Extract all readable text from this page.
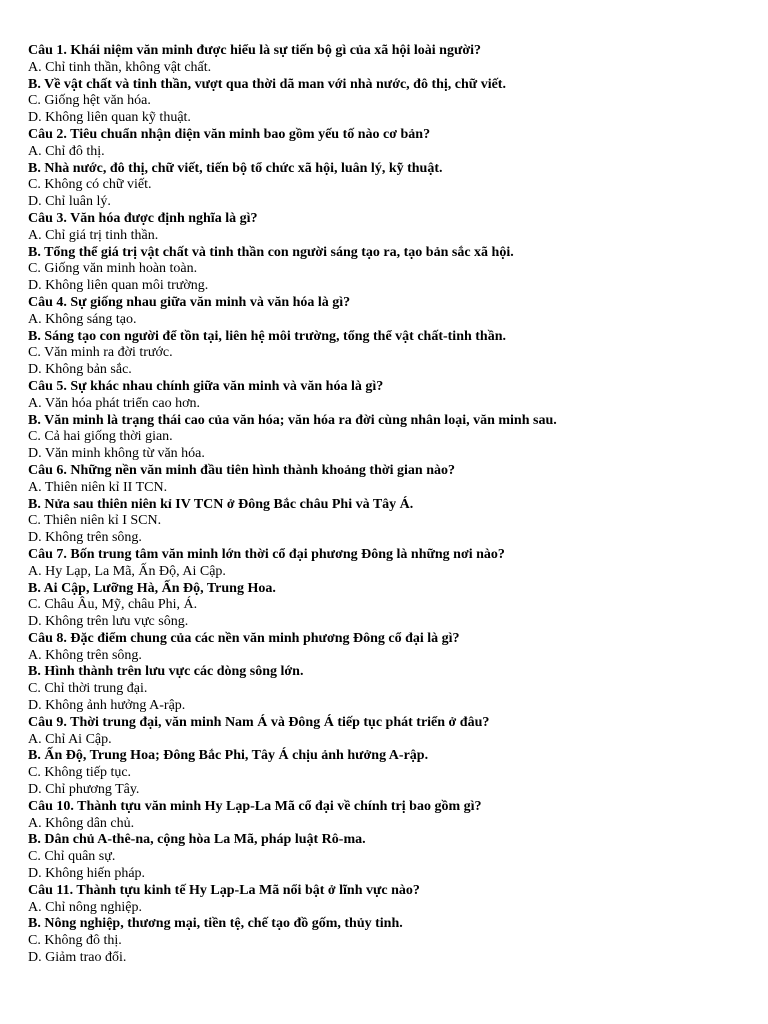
Câu 1. Khái niệm văn minh được hiểu là sự tiến bộ gì của xã hội loài người?
A. Chỉ tinh thần, không vật chất.
B. Về vật chất và tinh thần, vượt qua thời dã man với nhà nước, đô thị, chữ viết.
C. Giống hệt văn hóa.
D. Không liên quan kỹ thuật.
Câu 2. Tiêu chuẩn nhận diện văn minh bao gồm yếu tố nào cơ bản?
A. Chỉ đô thị.
B. Nhà nước, đô thị, chữ viết, tiến bộ tổ chức xã hội, luân lý, kỹ thuật.
C. Không có chữ viết.
D. Chỉ luân lý.
Câu 3. Văn hóa được định nghĩa là gì?
A. Chỉ giá trị tinh thần.
B. Tổng thể giá trị vật chất và tinh thần con người sáng tạo ra, tạo bản sắc xã hội.
C. Giống văn minh hoàn toàn.
D. Không liên quan môi trường.
Câu 4. Sự giống nhau giữa văn minh và văn hóa là gì?
A. Không sáng tạo.
B. Sáng tạo con người để tồn tại, liên hệ môi trường, tổng thể vật chất-tinh thần.
C. Văn minh ra đời trước.
D. Không bản sắc.
Câu 5. Sự khác nhau chính giữa văn minh và văn hóa là gì?
A. Văn hóa phát triển cao hơn.
B. Văn minh là trạng thái cao của văn hóa; văn hóa ra đời cùng nhân loại, văn minh sau.
C. Cả hai giống thời gian.
D. Văn minh không từ văn hóa.
Câu 6. Những nền văn minh đầu tiên hình thành khoảng thời gian nào?
A. Thiên niên kỉ II TCN.
B. Nửa sau thiên niên kỉ IV TCN ở Đông Bắc châu Phi và Tây Á.
C. Thiên niên kỉ I SCN.
D. Không trên sông.
Câu 7. Bốn trung tâm văn minh lớn thời cổ đại phương Đông là những nơi nào?
A. Hy Lạp, La Mã, Ấn Độ, Ai Cập.
B. Ai Cập, Lưỡng Hà, Ấn Độ, Trung Hoa.
C. Châu Âu, Mỹ, châu Phi, Á.
D. Không trên lưu vực sông.
Câu 8. Đặc điểm chung của các nền văn minh phương Đông cổ đại là gì?
A. Không trên sông.
B. Hình thành trên lưu vực các dòng sông lớn.
C. Chỉ thời trung đại.
D. Không ảnh hưởng A-rập.
Câu 9. Thời trung đại, văn minh Nam Á và Đông Á tiếp tục phát triển ở đâu?
A. Chỉ Ai Cập.
B. Ấn Độ, Trung Hoa; Đông Bắc Phi, Tây Á chịu ảnh hưởng A-rập.
C. Không tiếp tục.
D. Chỉ phương Tây.
Câu 10. Thành tựu văn minh Hy Lạp-La Mã cổ đại về chính trị bao gồm gì?
A. Không dân chủ.
B. Dân chủ A-thê-na, cộng hòa La Mã, pháp luật Rô-ma.
C. Chỉ quân sự.
D. Không hiến pháp.
Câu 11. Thành tựu kinh tế Hy Lạp-La Mã nổi bật ở lĩnh vực nào?
A. Chỉ nông nghiệp.
B. Nông nghiệp, thương mại, tiền tệ, chế tạo đồ gốm, thủy tinh.
C. Không đô thị.
D. Giảm trao đổi.
